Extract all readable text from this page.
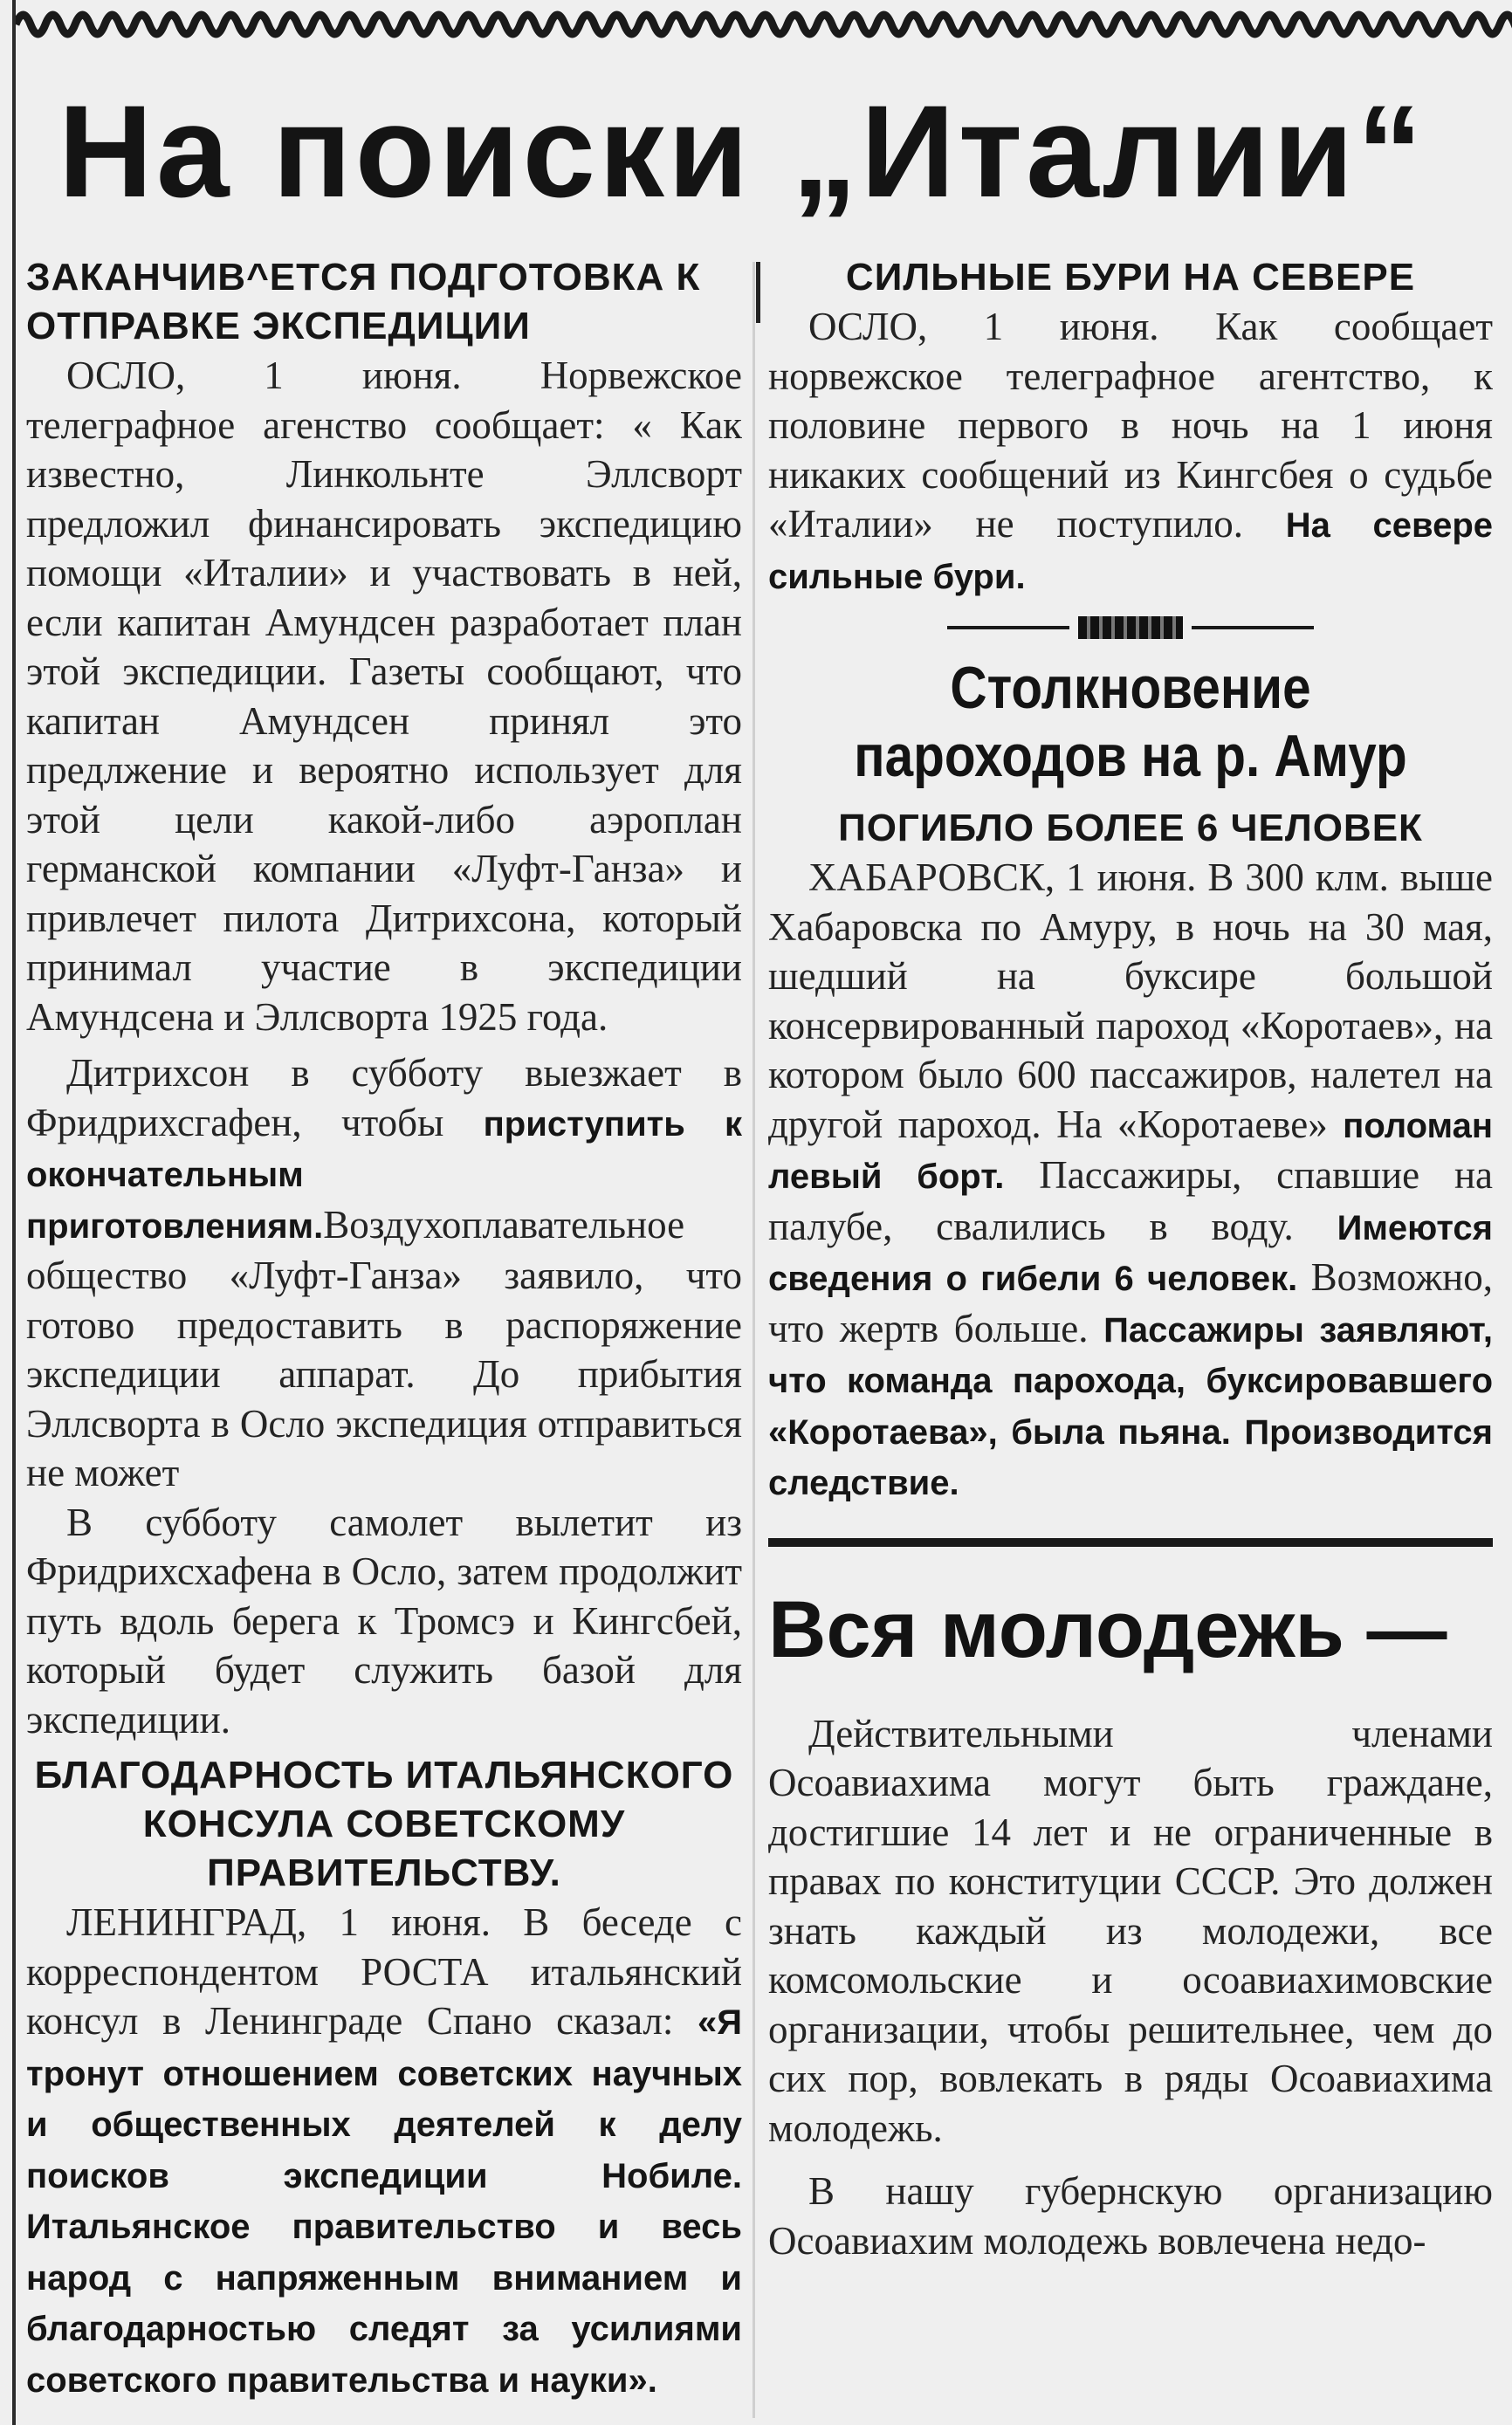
На поиски „Италии“
ЗАКАНЧИВ^ЕТСЯ ПОДГОТОВКА К ОТПРАВКЕ ЭКСПЕДИЦИИ

ОСЛО, 1 июня. Норвежское телеграфное агенство сообщает: « Как известно, Линкольнте Эллсворт предложил финансировать экспедицию помощи «Италии» и участвовать в ней, если капитан Амундсен разработает план этой экспедиции. Газеты сообщают, что капитан Амундсен принял это предлжение и вероятно использует для этой цели какой-либо аэроплан германской компании «Луфт-Ганза» и привлечет пилота Дитрихсона, который принимал участие в экспедиции Амундсена и Эллсворта 1925 года.

Дитрихсон в субботу выезжает в Фридрихсгафен, чтобы приступить к окончательным приготовлениям.Воздухоплавательное общество «Луфт-Ганза» заявило, что готово предоставить в распоряжение экспедиции аппарат. До прибытия Эллсворта в Осло экспедиция отправиться не может

В субботу самолет вылетит из Фридрихсхафена в Осло, затем продолжит путь вдоль берега к Тромсэ и Кингсбей, который будет служить базой для экспедиции.

БЛАГОДАРНОСТЬ ИТАЛЬЯНСКОГО КОНСУЛА СОВЕТСКОМУ ПРАВИТЕЛЬСТВУ.

ЛЕНИНГРАД, 1 июня. В беседе с корреспондентом РОСТА итальянский консул в Ленинграде Спано сказал: «Я тронут отношением советских научных и общественных деятелей к делу поисков экспедиции Нобиле. Итальянское правительство и весь народ с напряженным вниманием и благодарностью следят за усилиями советского правительства и науки».

СИЛЬНЫЕ БУРИ НА СЕВЕРЕ

ОСЛО, 1 июня. Как сообщает норвежское телеграфное агентство, к половине первого в ночь на 1 июня никаких сообщений из Кингсбея о судьбе «Италии» не поступило. На севере сильные бури.

Столкновение пароходов на р. Амур
ПОГИБЛО БОЛЕЕ 6 ЧЕЛОВЕК

ХАБАРОВСК, 1 июня. В 300 клм. выше Хабаровска по Амуру, в ночь на 30 мая, шедший на буксире большой консервированный пароход «Коротаев», на котором было 600 пассажиров, налетел на другой пароход. На «Коротаеве» поломан левый борт. Пассажиры, спавшие на палубе, свалились в воду. Имеются сведения о гибели 6 человек. Возможно, что жертв больше. Пассажиры заявляют, что команда парохода, буксировавшего «Коротаева», была пьяна. Производится следствие.

Вся молодежь —

Действительными членами Осоавиахима могут быть граждане, достигшие 14 лет и не ограниченные в правах по конституции СССР. Это должен знать каждый из молодежи, все комсомольские и осоавиахимовские организации, чтобы решительнее, чем до сих пор, вовлекать в ряды Осоавиахима молодежь.

В нашу губернскую организацию Осоавиахим молодежь вовлечена недо-
